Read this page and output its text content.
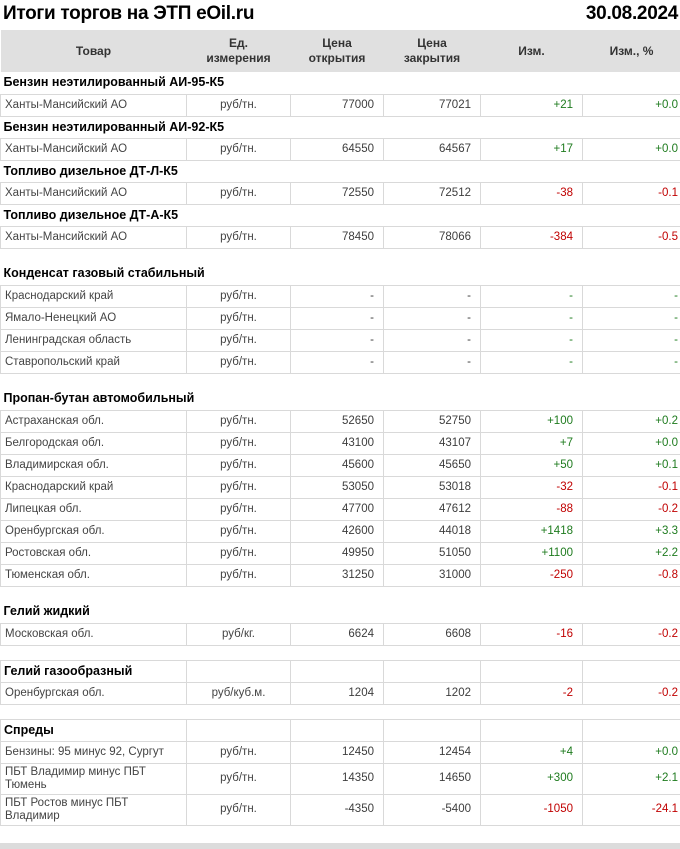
Итоги торгов на ЭТП eOil.ru	30.08.2024
Товар	Ед. измерения	Цена открытия	Цена закрытия	Изм.	Изм., %
Бензин неэтилированный АИ-95-К5					
Ханты-Мансийский АО	руб/тн.	77000	77021	+21	+0.0
Бензин неэтилированный АИ-92-К5					
Ханты-Мансийский АО	руб/тн.	64550	64567	+17	+0.0
Топливо дизельное ДТ-Л-К5					
Ханты-Мансийский АО	руб/тн.	72550	72512	-38	-0.1
Топливо дизельное ДТ-А-К5					
Ханты-Мансийский АО	руб/тн.	78450	78066	-384	-0.5

Конденсат газовый стабильный					
Краснодарский край	руб/тн.	-	-	-	-
Ямало-Ненецкий АО	руб/тн.	-	-	-	-
Ленинградская область	руб/тн.	-	-	-	-
Ставропольский край	руб/тн.	-	-	-	-

Пропан-бутан автомобильный					
Астраханская обл.	руб/тн.	52650	52750	+100	+0.2
Белгородская обл.	руб/тн.	43100	43107	+7	+0.0
Владимирская обл.	руб/тн.	45600	45650	+50	+0.1
Краснодарский край	руб/тн.	53050	53018	-32	-0.1
Липецкая обл.	руб/тн.	47700	47612	-88	-0.2
Оренбургская обл.	руб/тн.	42600	44018	+1418	+3.3
Ростовская обл.	руб/тн.	49950	51050	+1100	+2.2
Тюменская обл.	руб/тн.	31250	31000	-250	-0.8

Гелий жидкий					
Московская обл.	руб/кг.	6624	6608	-16	-0.2

Гелий газообразный					
Оренбургская обл.	руб/куб.м.	1204	1202	-2	-0.2

Спреды					
Бензины: 95 минус 92, Сургут	руб/тн.	12450	12454	+4	+0.0
ПБТ Владимир минус ПБТ Тюмень	руб/тн.	14350	14650	+300	+2.1
ПБТ Ростов минус ПБТ Владимир	руб/тн.	-4350	-5400	-1050	-24.1
